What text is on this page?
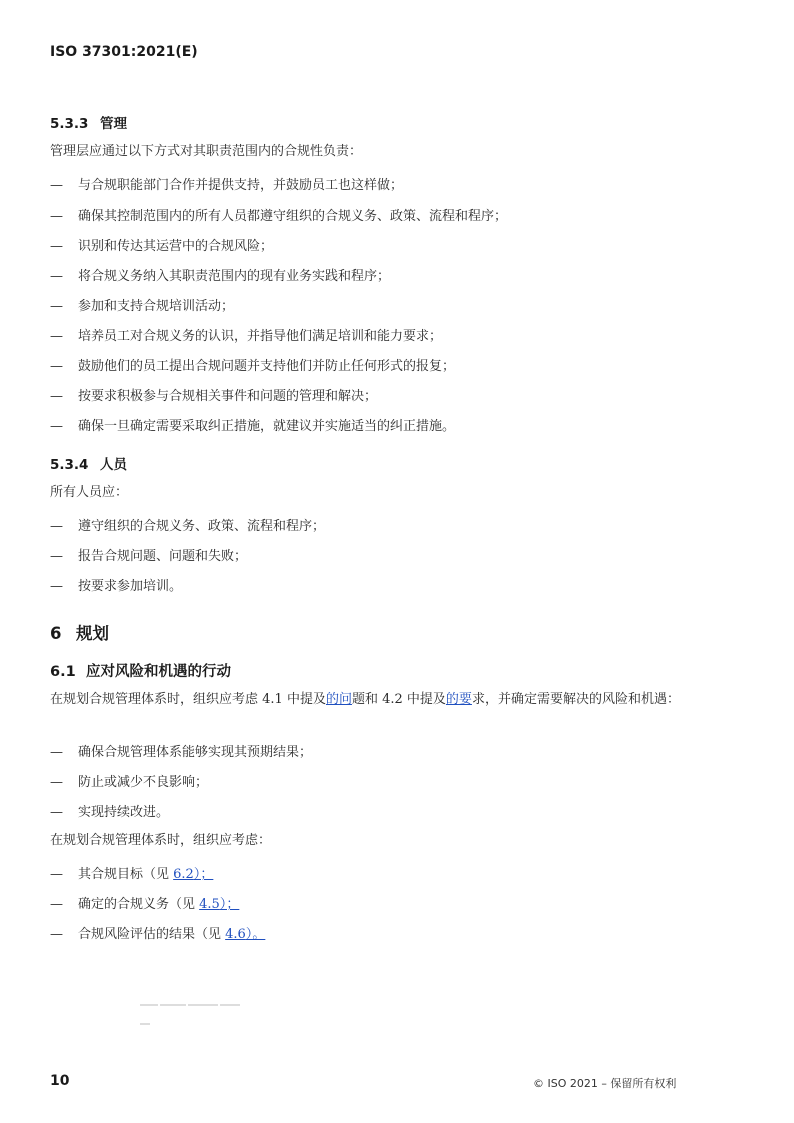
ISO 37301:2021(E)
5.3.3 管理
管理层应通过以下方式对其职责范围内的合规性负责：
— 与合规职能部门合作并提供支持，并鼓励员工也这样做；
— 确保其控制范围内的所有人员都遵守组织的合规义务、政策、流程和程序；
— 识别和传达其运营中的合规风险；
— 将合规义务纳入其职责范围内的现有业务实践和程序；
— 参加和支持合规培训活动；
— 培养员工对合规义务的认识，并指导他们满足培训和能力要求；
— 鼓励他们的员工提出合规问题并支持他们并防止任何形式的报复；
— 按要求积极参与合规相关事件和问题的管理和解决；
— 确保一旦确定需要采取纠正措施，就建议并实施适当的纠正措施。
5.3.4 人员
所有人员应：
— 遵守组织的合规义务、政策、流程和程序；
— 报告合规问题、问题和失败；
— 按要求参加培训。
6 规划
6.1 应对风险和机遇的行动
在规划合规管理体系时，组织应考虑 4.1 中提及的问题和 4.2 中提及的要求，并确定需要解决的风险和机遇：
— 确保合规管理体系能够实现其预期结果；
— 防止或减少不良影响；
— 实现持续改进。
在规划合规管理体系时，组织应考虑：
— 其合规目标（见 6.2）；
— 确定的合规义务（见 4.5）；
— 合规风险评估的结果（见 4.6）。
10	© ISO 2021 – 保留所有权利
